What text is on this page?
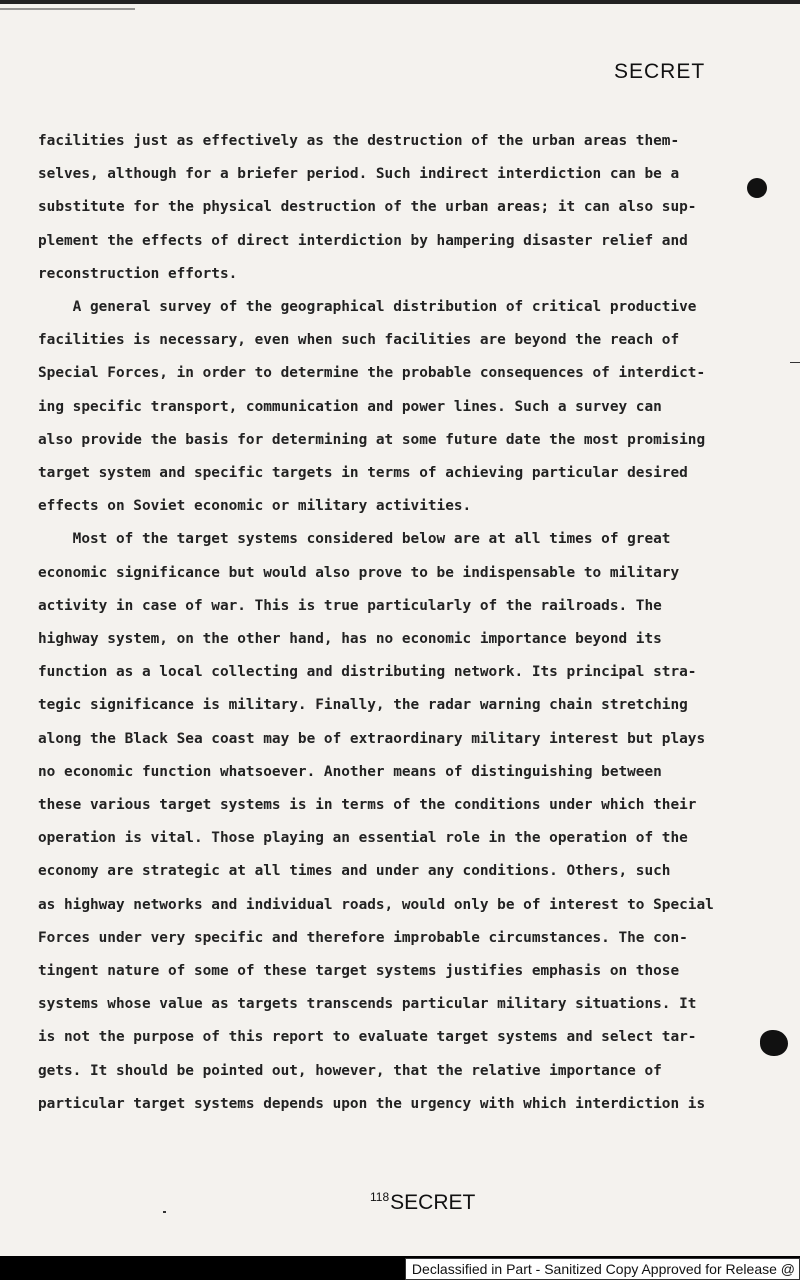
SECRET

facilities just as effectively as the destruction of the urban areas them-

selves, although for a briefer period. Such indirect interdiction can be a

substitute for the physical destruction of the urban areas; it can also sup-

plement the effects of direct interdiction by hampering disaster relief and

reconstruction efforts.

A general survey of the geographical distribution of critical productive

facilities is necessary, even when such facilities are beyond the reach of

Special Forces, in order to determine the probable consequences of interdict-

ing specific transport, communication and power lines. Such a survey can

also provide the basis for determining at some future date the most promising

target system and specific targets in terms of achieving particular desired

effects on Soviet economic or military activities.

Most of the target systems considered below are at all times of great

economic significance but would also prove to be indispensable to military

activity in case of war. This is true particularly of the railroads. The

highway system, on the other hand, has no economic importance beyond its

function as a local collecting and distributing network. Its principal stra-

tegic significance is military. Finally, the radar warning chain stretching

along the Black Sea coast may be of extraordinary military interest but plays

no economic function whatsoever. Another means of distinguishing between

these various target systems is in terms of the conditions under which their

operation is vital. Those playing an essential role in the operation of the

economy are strategic at all times and under any conditions. Others, such

as highway networks and individual roads, would only be of interest to Special

Forces under very specific and therefore improbable circumstances. The con-

tingent nature of some of these target systems justifies emphasis on those

systems whose value as targets transcends particular military situations. It

is not the purpose of this report to evaluate target systems and select tar-

gets. It should be pointed out, however, that the relative importance of

particular target systems depends upon the urgency with which interdiction is

$^{118}$SECRET
Declassified in Part - Sanitized Copy Approved for Release @
